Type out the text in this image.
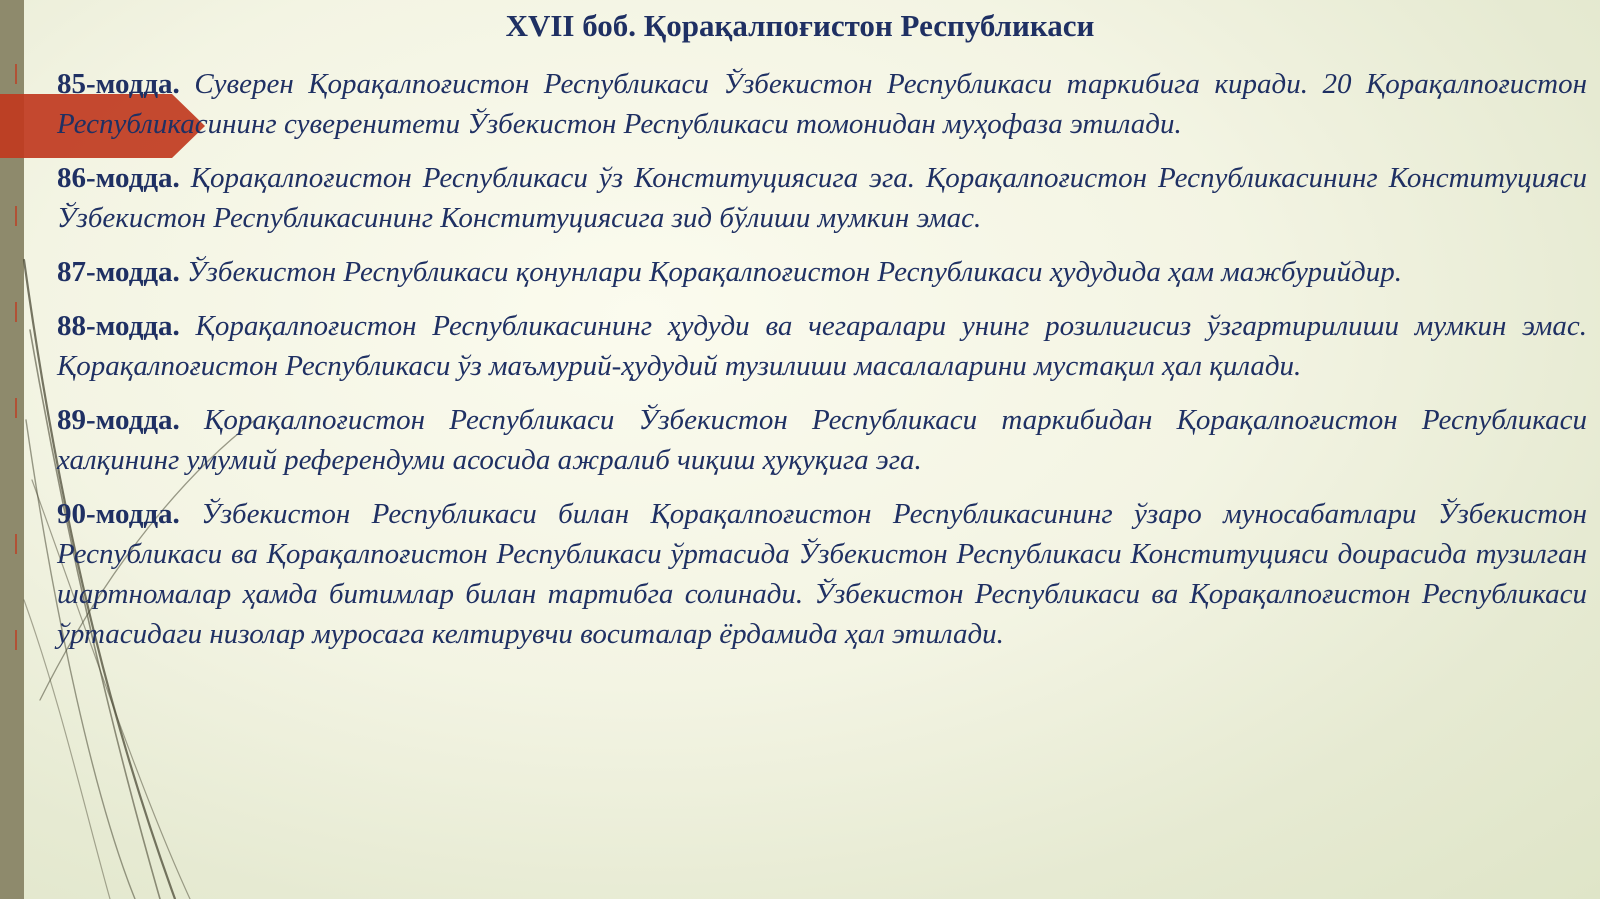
XVII боб. Қорақалпоғистон Республикаси

85-модда. Суверен Қорақалпоғистон Республикаси Ўзбекистон Республикаси таркибига киради. 20 Қорақалпоғистон Республикасининг суверенитети Ўзбекистон Республикаси томонидан муҳофаза этилади.

86-модда. Қорақалпоғистон Республикаси ўз Конституциясига эга. Қорақалпоғистон Республикасининг Конституцияси Ўзбекистон Республикасининг Конституциясига зид бўлиши мумкин эмас.

87-модда. Ўзбекистон Республикаси қонунлари Қорақалпоғистон Республикаси ҳудудида ҳам мажбурийдир.

88-модда. Қорақалпоғистон Республикасининг ҳудуди ва чегаралари унинг розилигисиз ўзгартирилиши мумкин эмас. Қорақалпоғистон Республикаси ўз маъмурий-ҳудудий тузилиши масалаларини мустақил ҳал қилади.

89-модда. Қорақалпоғистон Республикаси Ўзбекистон Республикаси таркибидан Қорақалпоғистон Республикаси халқининг умумий референдуми асосида ажралиб чиқиш ҳуқуқига эга.

90-модда. Ўзбекистон Республикаси билан Қорақалпоғистон Республикасининг ўзаро муносабатлари Ўзбекистон Республикаси ва Қорақалпоғистон Республикаси ўртасида Ўзбекистон Республикаси Конституцияси доирасида тузилган шартномалар ҳамда битимлар билан тартибга солинади. Ўзбекистон Республикаси ва Қорақалпоғистон Республикаси ўртасидаги низолар муросага келтирувчи воситалар ёрдамида ҳал этилади.
